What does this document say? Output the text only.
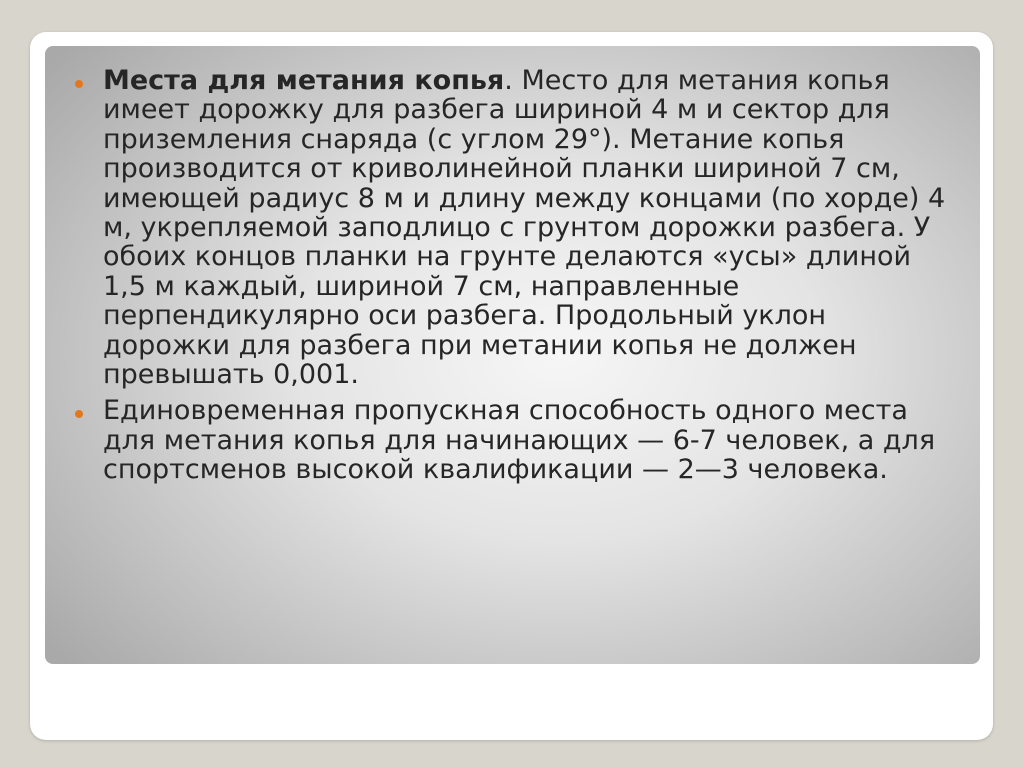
Места для метания копья. Место для метания копья имеет дорожку для разбега шириной 4 м и сектор для приземления снаряда (с углом 29°). Метание копья производится от криволинейной планки шириной 7 см, имеющей радиус 8 м и длину между концами (по хорде) 4 м, укрепляемой заподлицо с грунтом дорожки разбега. У обоих концов планки на грунте делаются «усы» длиной 1,5 м каждый, шириной 7 см, направленные перпендикулярно оси разбега. Продольный уклон дорожки для разбега при метании копья не должен превышать 0,001.
Единовременная пропускная способность одного места для метания копья для начинающих — 6-7 человек, а для спортсменов высокой квалификации — 2—3 человека.
